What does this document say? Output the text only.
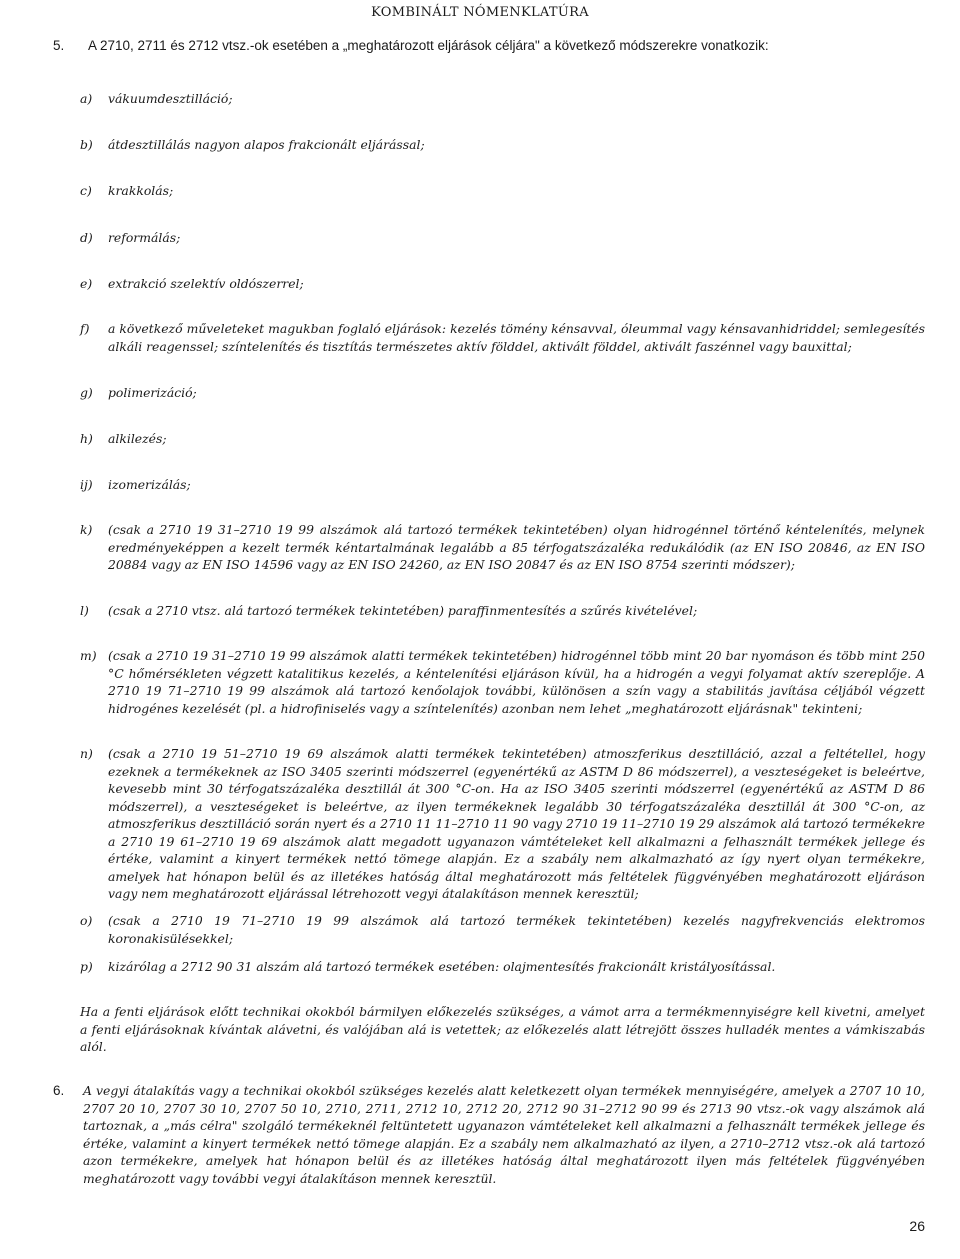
KOMBINÁLT NÓMENKLATÚRA
5. A 2710, 2711 és 2712 vtsz.-ok esetében a „meghatározott eljárások céljára" a következő módszerekre vonatkozik:
a)	vákuumdesztilláció;
b)	átdesztillálás nagyon alapos frakcionált eljárással;
c)	krakkolás;
d)	reformálás;
e)	extrakció szelektív oldószerrel;
f)	a következő műveleteket magukban foglaló eljárások: kezelés tömény kénsavval, óleummal vagy kénsavanhidriddel; semlegesítés alkáli reagenssel; színtelenítés és tisztítás természetes aktív földdel, aktivált földdel, aktivált faszénnel vagy bauxittal;
g)	polimerizáció;
h)	alkilezés;
ij)	izomerizálás;
k)	(csak a 2710 19 31–2710 19 99 alszámok alá tartozó termékek tekintetében) olyan hidrogénnel történő kéntelenítés, melynek eredményeképpen a kezelt termék kéntartalmának legalább a 85 térfogatszázaléka redukálódik (az EN ISO 20846, az EN ISO 20884 vagy az EN ISO 14596 vagy az EN ISO 24260, az EN ISO 20847 és az EN ISO 8754 szerinti módszer);
l)	(csak a 2710 vtsz. alá tartozó termékek tekintetében) paraffinmentesítés a szűrés kivételével;
m) (csak a 2710 19 31–2710 19 99 alszámok alatti termékek tekintetében) hidrogénnel több mint 20 bar nyomáson és több mint 250 °C hőmérsékleten végzett katalitikus kezelés, a kéntelenítési eljáráson kívül, ha a hidrogén a vegyi folyamat aktív szereplője. A 2710 19 71–2710 19 99 alszámok alá tartozó kenőolajok további, különösen a szín vagy a stabilitás javítása céljából végzett hidrogénes kezelését (pl. a hidrofiniselés vagy a színtelenítés) azonban nem lehet „meghatározott eljárásnak" tekinteni;
n)	(csak a 2710 19 51–2710 19 69 alszámok alatti termékek tekintetében) atmoszferikus desztilláció, azzal a feltétellel, hogy ezeknek a termékeknek az ISO 3405 szerinti módszerrel (egyenértékű az ASTM D 86 módszerrel), a veszteségeket is beleértve, kevesebb mint 30 térfogatszázaléka desztillál át 300 °C-on. Ha az ISO 3405 szerinti módszerrel (egyenértékű az ASTM D 86 módszerrel), a veszteségeket is beleértve, az ilyen termékeknek legalább 30 térfogatszázaléka desztillál át 300 °C-on, az atmoszferikus desztilláció során nyert és a 2710 11 11–2710 11 90 vagy 2710 19 11–2710 19 29 alszámok alá tartozó termékekre a 2710 19 61–2710 19 69 alszámok alatt megadott ugyanazon vámtételeket kell alkalmazni a felhasznált termékek jellege és értéke, valamint a kinyert termékek nettó tömege alapján. Ez a szabály nem alkalmazható az így nyert olyan termékekre, amelyek hat hónapon belül és az illetékes hatóság által meghatározott más feltételek függvényében meghatározott eljáráson vagy nem meghatározott eljárással létrehozott vegyi átalakításon mennek keresztül;
o)	(csak a 2710 19 71–2710 19 99 alszámok alá tartozó termékek tekintetében) kezelés nagyfrekvenciás elektromos koronakisülésekkel;
p)	kizárólag a 2712 90 31 alszám alá tartozó termékek esetében: olajmentesítés frakcionált kristályosítással.
Ha a fenti eljárások előtt technikai okokból bármilyen előkezelés szükséges, a vámot arra a termékmennyiségre kell kivetni, amelyet a fenti eljárásoknak kívántak alávetni, és valójában alá is vetettek; az előkezelés alatt létrejött összes hulladék mentes a vámkiszabás alól.
6.	A vegyi átalakítás vagy a technikai okokból szükséges kezelés alatt keletkezett olyan termékek mennyiségére, amelyek a 2707 10 10, 2707 20 10, 2707 30 10, 2707 50 10, 2710, 2711, 2712 10, 2712 20, 2712 90 31–2712 90 99 és 2713 90 vtsz.-ok vagy alszámok alá tartoznak, a „más célra" szolgáló termékeknél feltüntetett ugyanazon vámtételeket kell alkalmazni a felhasznált termékek jellege és értéke, valamint a kinyert termékek nettó tömege alapján. Ez a szabály nem alkalmazható az ilyen, a 2710–2712 vtsz.-ok alá tartozó azon termékekre, amelyek hat hónapon belül és az illetékes hatóság által meghatározott ilyen más feltételek függvényében meghatározott vagy további vegyi átalakításon mennek keresztül.
26
